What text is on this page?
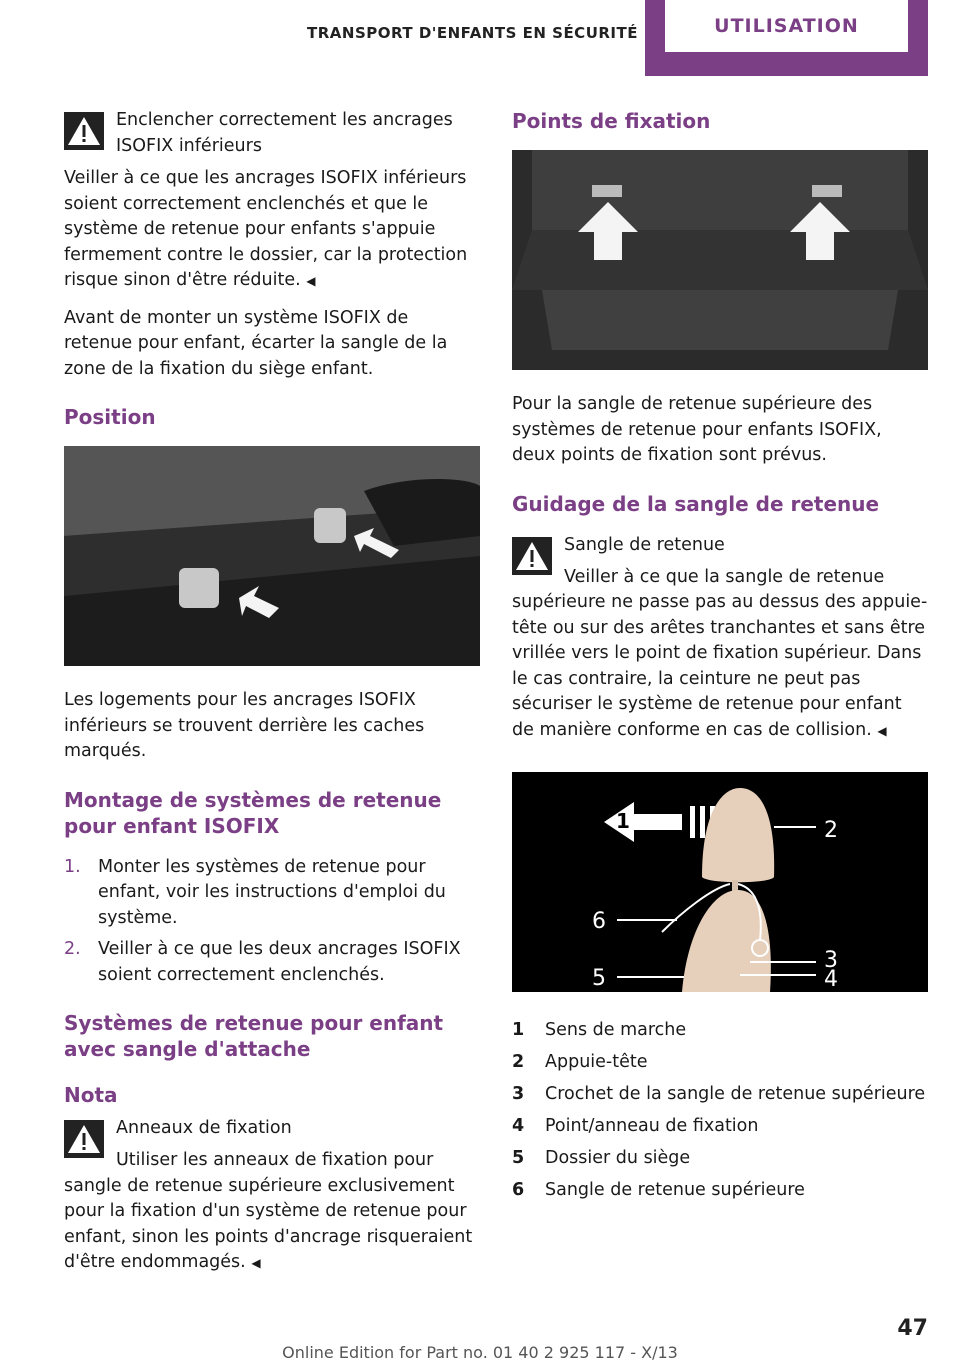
TRANSPORT D'ENFANTS EN SÉCURITÉ	UTILISATION
Enclencher correctement les ancrages
ISOFIX inférieurs

Veiller à ce que les ancrages ISOFIX inférieurs soient correctement enclenchés et que le système de retenue pour enfants s'appuie fermement contre le dossier, car la protection risque sinon d'être réduite. ◀

Avant de monter un système ISOFIX de retenue pour enfant, écarter la sangle de la zone de la fixation du siège enfant.

Position

Les logements pour les ancrages ISOFIX inférieurs se trouvent derrière les caches marqués.

Montage de systèmes de retenue pour enfant ISOFIX
1. Monter les systèmes de retenue pour enfant, voir les instructions d'emploi du système.
2. Veiller à ce que les deux ancrages ISOFIX soient correctement enclenchés.
Systèmes de retenue pour enfant avec sangle d'attache
Nota
Anneaux de fixation

Utiliser les anneaux de fixation pour sangle de retenue supérieure exclusivement pour la fixation d'un système de retenue pour enfant, sinon les points d'ancrage risqueraient d'être endommagés. ◀

Points de fixation

Pour la sangle de retenue supérieure des systèmes de retenue pour enfants ISOFIX, deux points de fixation sont prévus.

Guidage de la sangle de retenue
Sangle de retenue

Veiller à ce que la sangle de retenue supérieure ne passe pas au dessus des appuie-tête ou sur des arêtes tranchantes et sans être vrillée vers le point de fixation supérieur. Dans le cas contraire, la ceinture ne peut pas sécuriser le système de retenue pour enfant de manière conforme en cas de collision. ◀

1	2
3
4
5
6
1	Sens de marche
2	Appuie-tête
3	Crochet de la sangle de retenue supérieure
4	Point/anneau de fixation
5	Dossier du siège
6	Sangle de retenue supérieure
47
Online Edition for Part no. 01 40 2 925 117 - X/13
